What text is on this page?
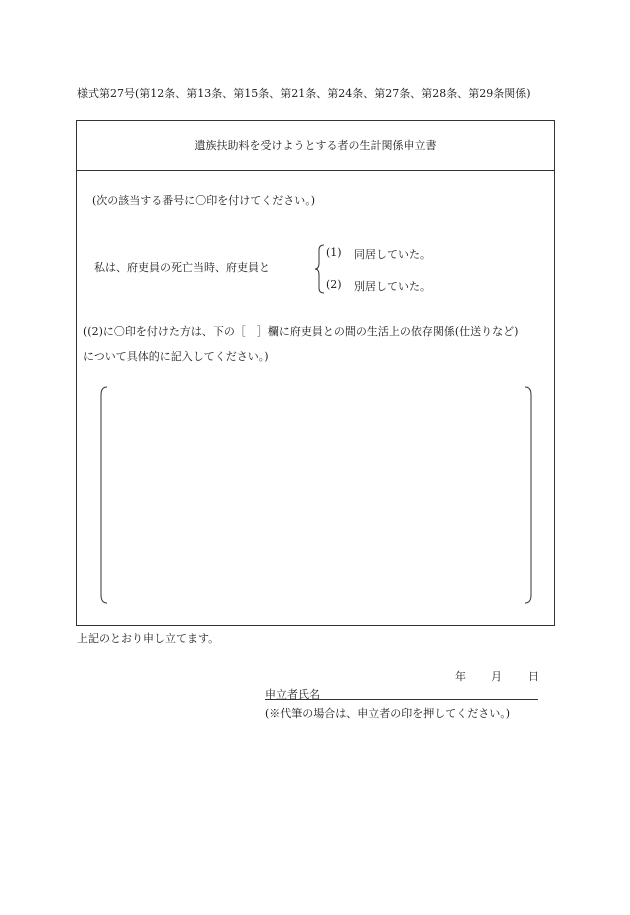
様式第27号(第12条、第13条、第15条、第21条、第24条、第27条、第28条、第29条関係)
遺族扶助料を受けようとする者の生計関係申立書
(次の該当する番号に〇印を付けてください。)
私は、府吏員の死亡当時、府吏員と
(1) 同居していた。
(2) 別居していた。
((2)に〇印を付けた方は、下の［　］欄に府吏員との間の生活上の依存関係(仕送りなど)
について具体的に記入してください。)
上記のとおり申し立てます。
年 月 日
申立者氏名
(※代筆の場合は、申立者の印を押してください。)
